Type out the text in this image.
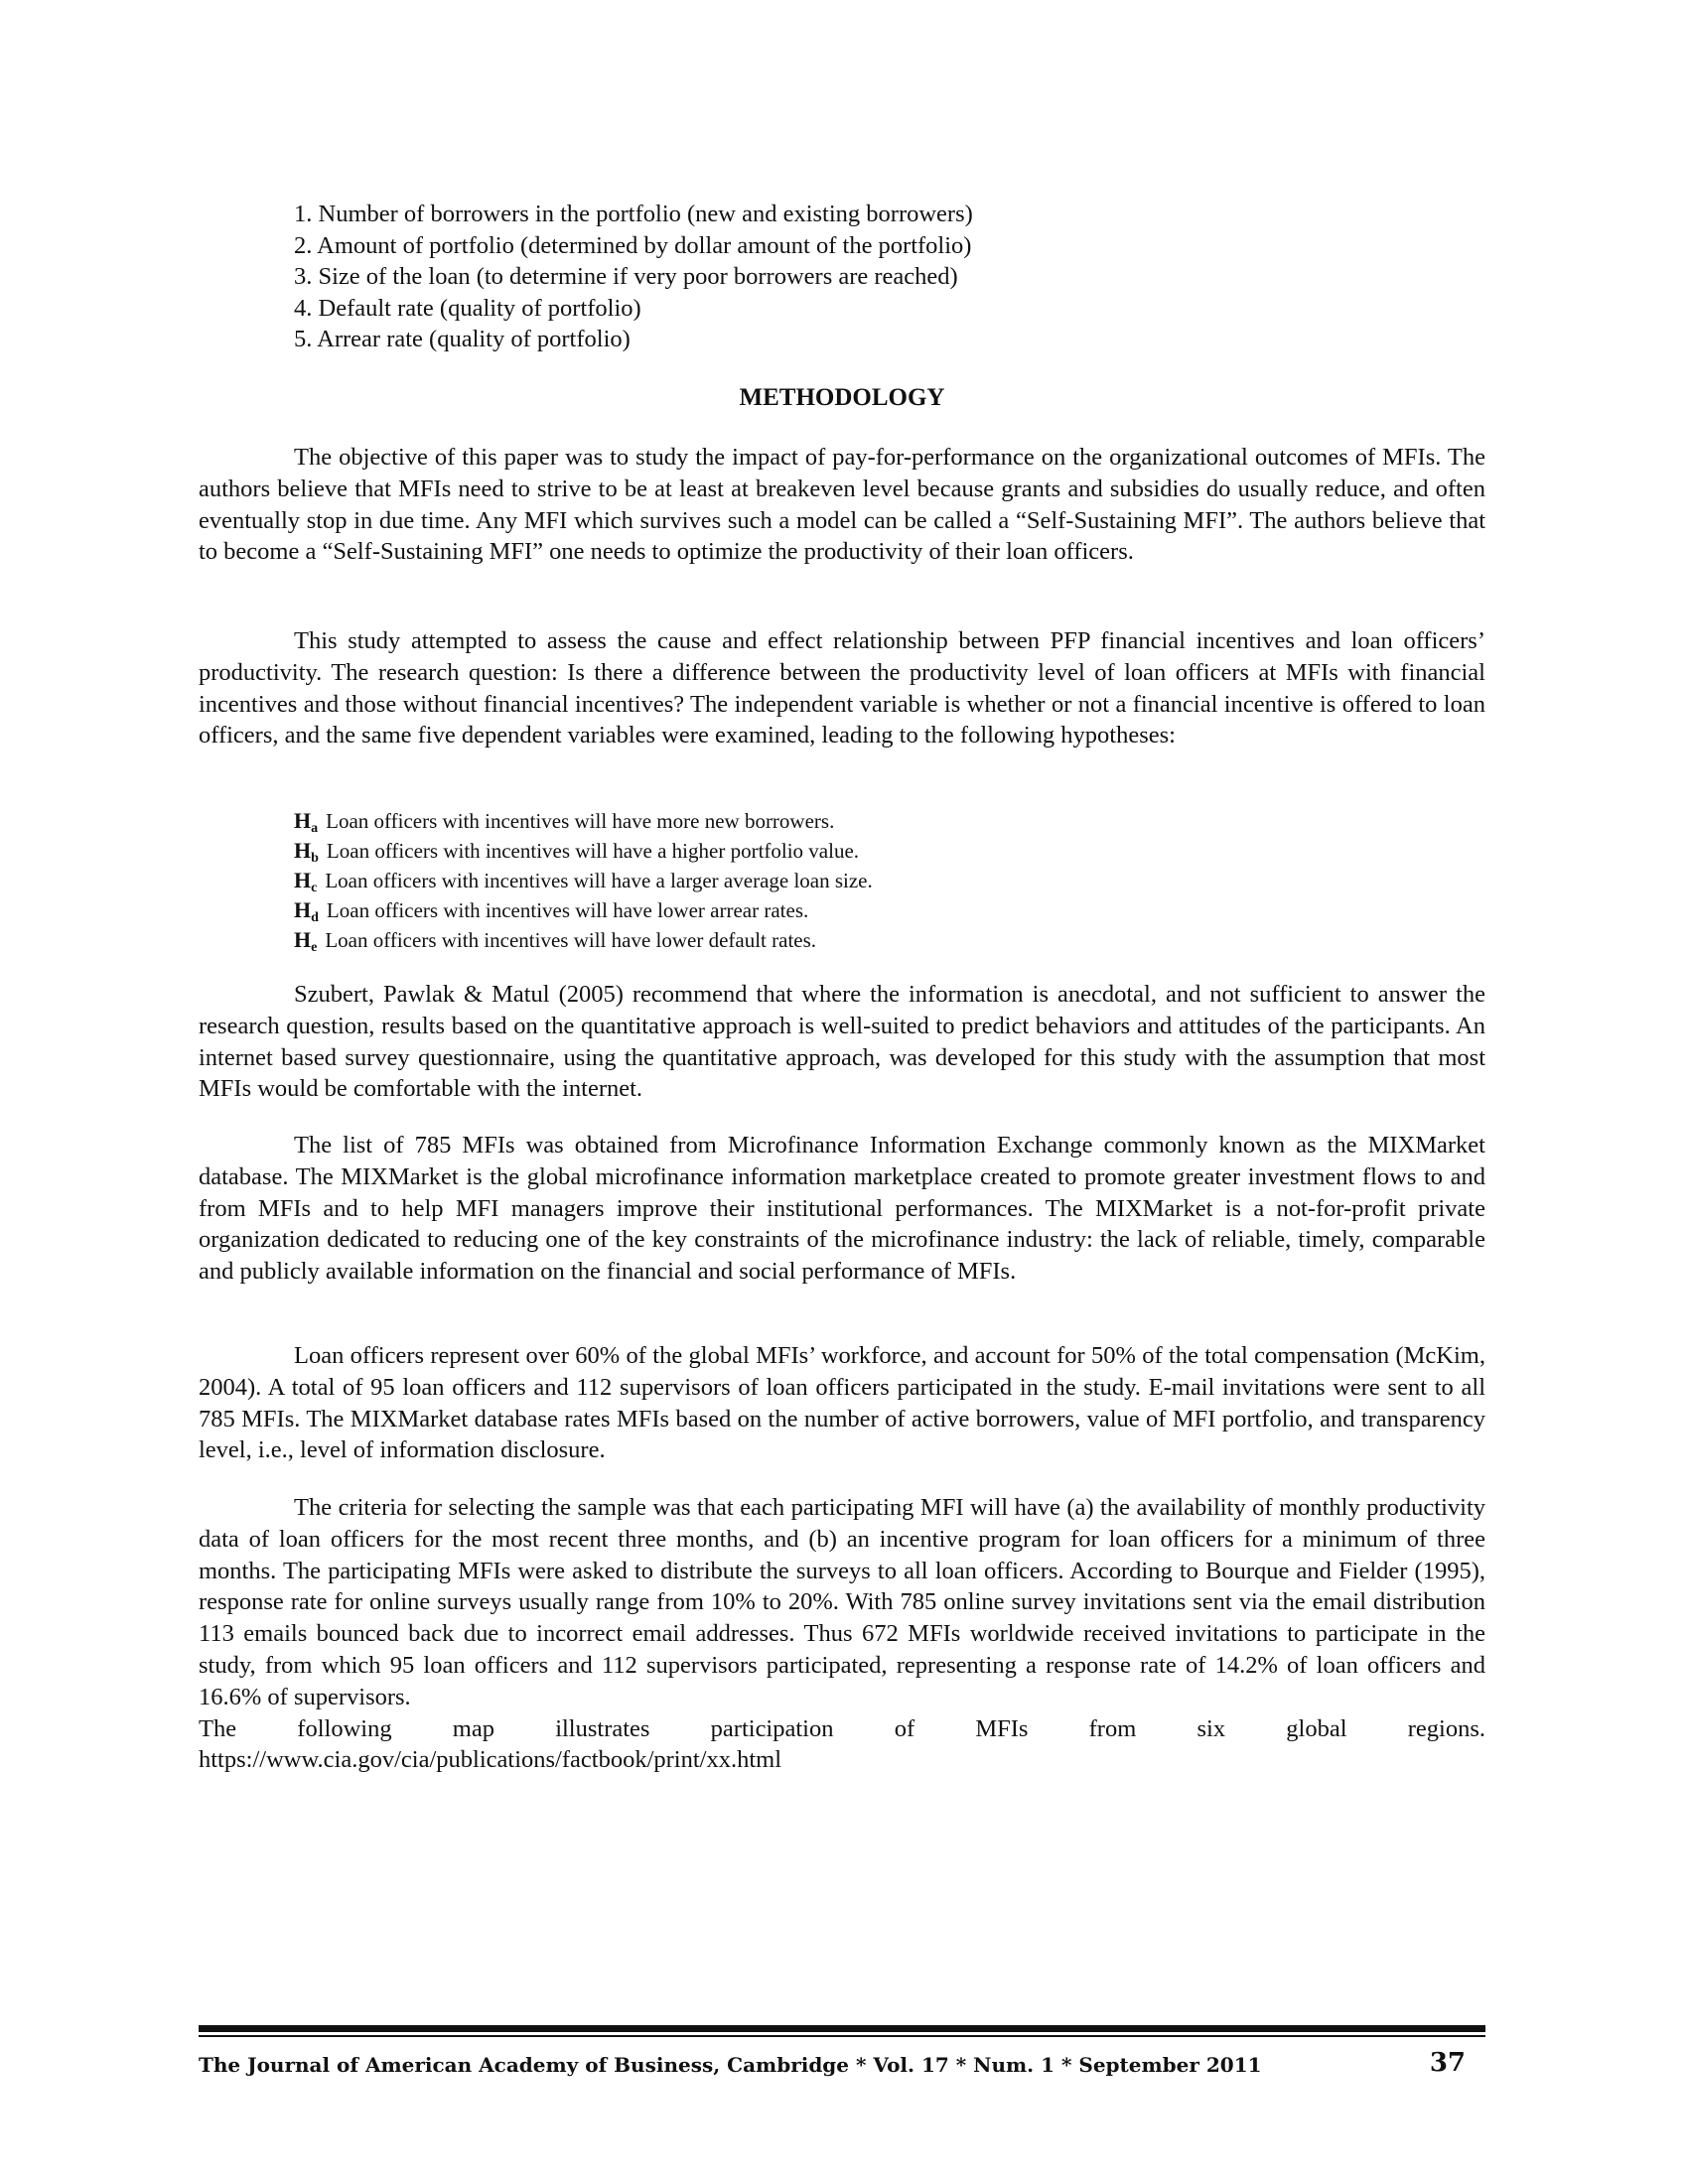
1. Number of borrowers in the portfolio (new and existing borrowers)
2. Amount of portfolio (determined by dollar amount of the portfolio)
3. Size of the loan (to determine if very poor borrowers are reached)
4. Default rate (quality of portfolio)
5. Arrear rate (quality of portfolio)
METHODOLOGY

The objective of this paper was to study the impact of pay-for-performance on the organizational outcomes of MFIs. The authors believe that MFIs need to strive to be at least at breakeven level because grants and subsidies do usually reduce, and often eventually stop in due time. Any MFI which survives such a model can be called a “Self-Sustaining MFI”. The authors believe that to become a “Self-Sustaining MFI” one needs to optimize the productivity of their loan officers.

This study attempted to assess the cause and effect relationship between PFP financial incentives and loan officers’ productivity. The research question: Is there a difference between the productivity level of loan officers at MFIs with financial incentives and those without financial incentives? The independent variable is whether or not a financial incentive is offered to loan officers, and the same five dependent variables were examined, leading to the following hypotheses:

$H_a$ Loan officers with incentives will have more new borrowers.
$H_b$ Loan officers with incentives will have a higher portfolio value.
$H_c$ Loan officers with incentives will have a larger average loan size.
$H_d$ Loan officers with incentives will have lower arrear rates.
$H_e$ Loan officers with incentives will have lower default rates.

Szubert, Pawlak & Matul (2005) recommend that where the information is anecdotal, and not sufficient to answer the research question, results based on the quantitative approach is well-suited to predict behaviors and attitudes of the participants. An internet based survey questionnaire, using the quantitative approach, was developed for this study with the assumption that most MFIs would be comfortable with the internet.

The list of 785 MFIs was obtained from Microfinance Information Exchange commonly known as the MIXMarket database. The MIXMarket is the global microfinance information marketplace created to promote greater investment flows to and from MFIs and to help MFI managers improve their institutional performances. The MIXMarket is a not-for-profit private organization dedicated to reducing one of the key constraints of the microfinance industry: the lack of reliable, timely, comparable and publicly available information on the financial and social performance of MFIs.

Loan officers represent over 60% of the global MFIs’ workforce, and account for 50% of the total compensation (McKim, 2004). A total of 95 loan officers and 112 supervisors of loan officers participated in the study. E-mail invitations were sent to all 785 MFIs. The MIXMarket database rates MFIs based on the number of active borrowers, value of MFI portfolio, and transparency level, i.e., level of information disclosure.

The criteria for selecting the sample was that each participating MFI will have (a) the availability of monthly productivity data of loan officers for the most recent three months, and (b) an incentive program for loan officers for a minimum of three months. The participating MFIs were asked to distribute the surveys to all loan officers. According to Bourque and Fielder (1995), response rate for online surveys usually range from 10% to 20%. With 785 online survey invitations sent via the email distribution 113 emails bounced back due to incorrect email addresses. Thus 672 MFIs worldwide received invitations to participate in the study, from which 95 loan officers and 112 supervisors participated, representing a response rate of 14.2% of loan officers and 16.6% of supervisors.
The following map illustrates participation of MFIs from six global regions.
https://www.cia.gov/cia/publications/factbook/print/xx.html
The Journal of American Academy of Business, Cambridge * Vol. 17 * Num. 1 * September 2011	37
